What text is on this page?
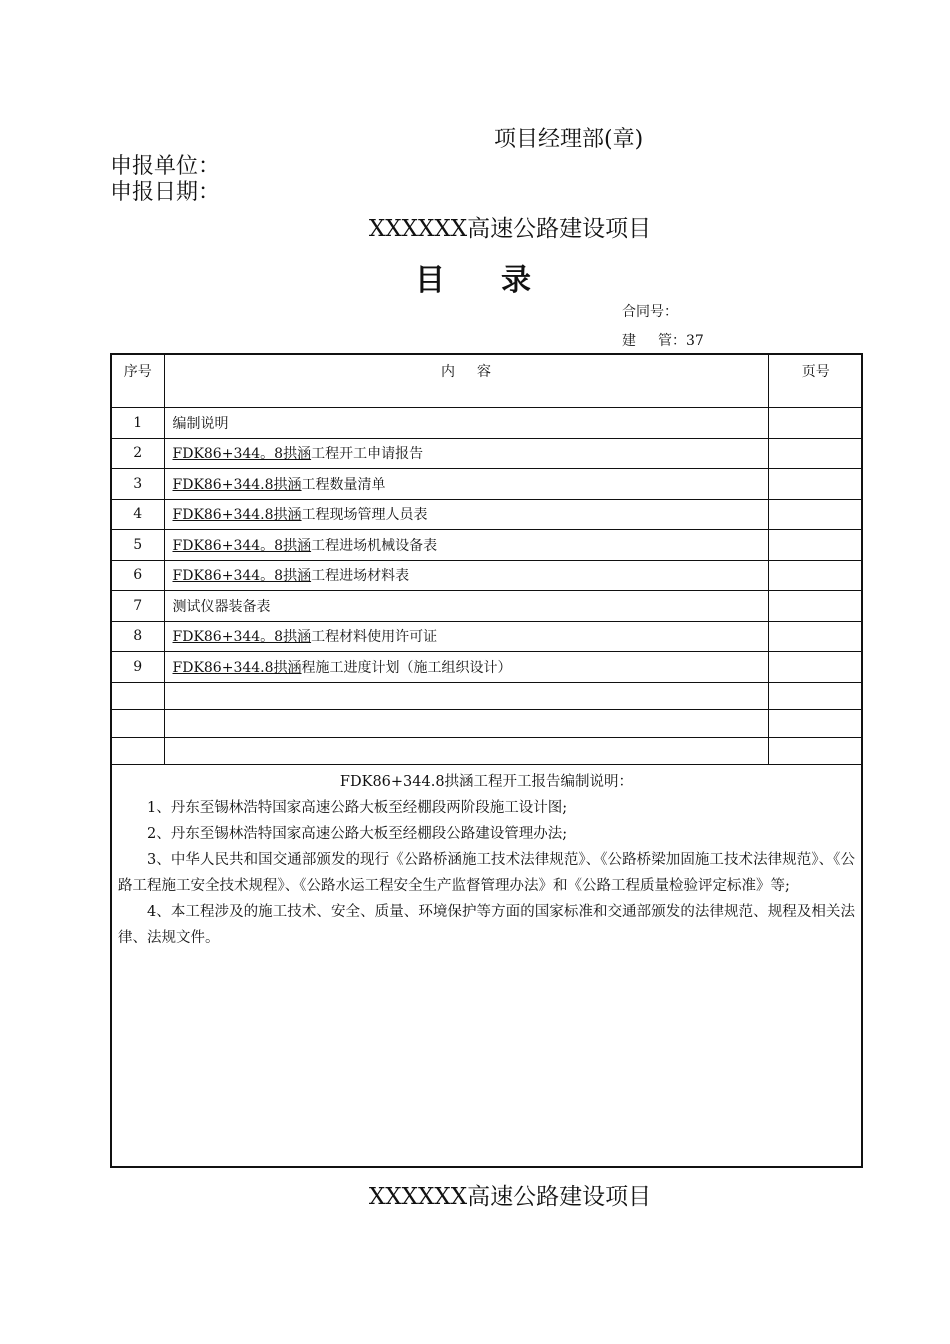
项目经理部(章)
申报单位：
申报日期：
XXXXXX高速公路建设项目
目 录
合同号：
建 管：37
序号	内 容	页号
1	编制说明	
2	FDK86+344。8拱涵工程开工申请报告	
3	FDK86+344.8拱涵工程数量清单	
4	FDK86+344.8拱涵工程现场管理人员表	
5	FDK86+344。8拱涵工程进场机械设备表	
6	FDK86+344。8拱涵工程进场材料表	
7	测试仪器装备表	
8	FDK86+344。8拱涵工程材料使用许可证	
9	FDK86+344.8拱涵程施工进度计划（施工组织设计）	

FDK86+344.8拱涵工程开工报告编制说明：

1、丹东至锡林浩特国家高速公路大板至经棚段两阶段施工设计图;

2、丹东至锡林浩特国家高速公路大板至经棚段公路建设管理办法;

3、中华人民共和国交通部颁发的现行《公路桥涵施工技术法律规范》、《公路桥梁加固施工技术法律规范》、《公路工程施工安全技术规程》、《公路水运工程安全生产监督管理办法》和《公路工程质量检验评定标准》等;

4、本工程涉及的施工技术、安全、质量、环境保护等方面的国家标准和交通部颁发的法律规范、规程及相关法律、法规文件。

XXXXXX高速公路建设项目
